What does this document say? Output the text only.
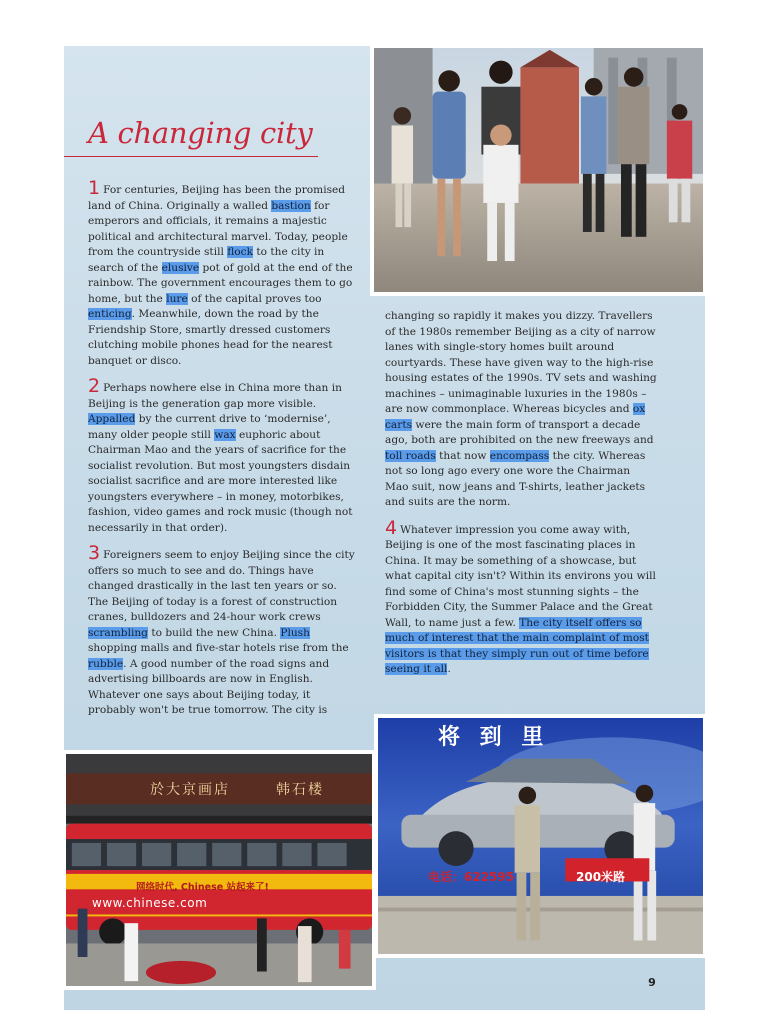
A changing city

1 For centuries, Beijing has been the promised land of China. Originally a walled bastion for emperors and officials, it remains a majestic political and architectural marvel. Today, people from the countryside still flock to the city in search of the elusive pot of gold at the end of the rainbow. The government encourages them to go home, but the lure of the capital proves too enticing. Meanwhile, down the road by the Friendship Store, smartly dressed customers clutching mobile phones head for the nearest banquet or disco.

2 Perhaps nowhere else in China more than in Beijing is the generation gap more visible. Appalled by the current drive to ‘modernise’, many older people still wax euphoric about Chairman Mao and the years of sacrifice for the socialist revolution. But most youngsters disdain socialist sacrifice and are more interested like youngsters everywhere – in money, motorbikes, fashion, video games and rock music (though not necessarily in that order).

3 Foreigners seem to enjoy Beijing since the city offers so much to see and do. Things have changed drastically in the last ten years or so. The Beijing of today is a forest of construction cranes, bulldozers and 24-hour work crews scrambling to build the new China. Plush shopping malls and five-star hotels rise from the rubble. A good number of the road signs and advertising billboards are now in English. Whatever one says about Beijing today, it probably won't be true tomorrow. The city is

changing so rapidly it makes you dizzy. Travellers of the 1980s remember Beijing as a city of narrow lanes with single-story homes built around courtyards. These have given way to the high-rise housing estates of the 1990s. TV sets and washing machines – unimaginable luxuries in the 1980s – are now commonplace. Whereas bicycles and ox carts were the main form of transport a decade ago, both are prohibited on the new freeways and toll roads that now encompass the city. Whereas not so long ago every one wore the Chairman Mao suit, now jeans and T-shirts, leather jackets and suits are the norm.

4 Whatever impression you come away with, Beijing is one of the most fascinating places in China. It may be something of a showcase, but what capital city isn't? Within its environs you will find some of China's most stunning sights – the Forbidden City, the Summer Palace and the Great Wall, to name just a few. The city itself offers so much of interest that the main complaint of most visitors is that they simply run out of time before seeing it all.

於大京画店	韩石楼
网络时代, Chinese 站起来了!
www.chinese.com
将 到 里
电话：622595	200米路
9
